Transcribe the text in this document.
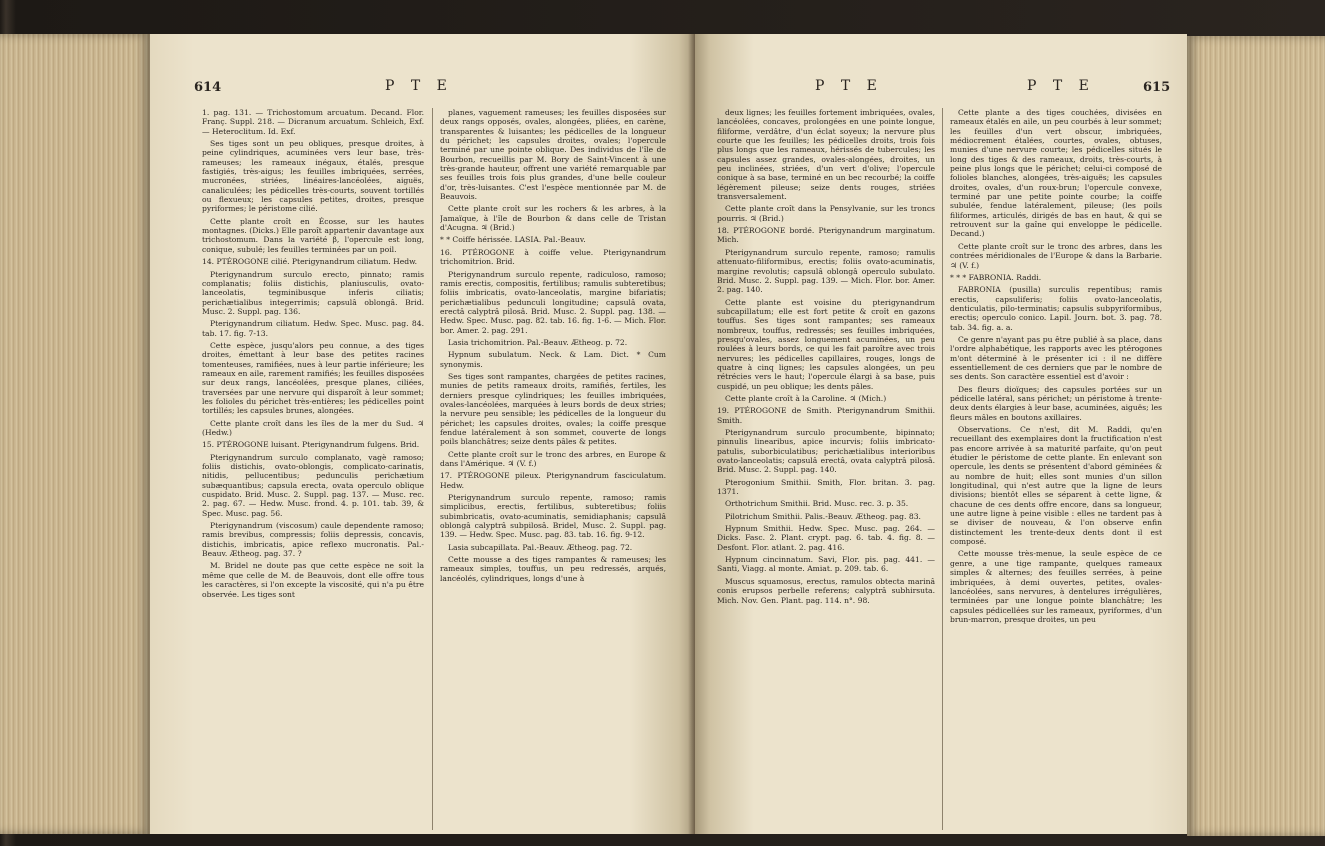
614	P T E

1. pag. 131. — Trichostomum arcuatum. Decand. Flor. Franç. Suppl. 218. — Dicranum arcuatum. Schleich, Exf. — Heteroclitum. Id. Exf.

Ses tiges sont un peu obliques, presque droites, à peine cylindriques, acuminées vers leur base, très-rameuses; les rameaux inégaux, étalés, presque fastigiés, très-aigus; les feuilles imbriquées, serrées, mucronées, striées, linéaires-lancéolées, aiguës, canaliculées; les pédicelles très-courts, souvent tortillés ou flexueux; les capsules petites, droites, presque pyriformes; le péristome cilié.

Cette plante croît en Écosse, sur les hautes montagnes. (Dicks.) Elle paroît appartenir davantage aux trichostomum. Dans la variété β, l'opercule est long, conique, subulé; les feuilles terminées par un poil.

14. PTÉROGONE cilié. Pterigynandrum ciliatum. Hedw.

Pterigynandrum surculo erecto, pinnato; ramis complanatis; foliis distichis, planiusculis, ovato-lanceolatis, tegminibusque inferis ciliatis; perichætialibus integerrimis; capsulâ oblongâ. Brid. Musc. 2. Suppl. pag. 136.

Pterigynandrum ciliatum. Hedw. Spec. Musc. pag. 84. tab. 17. fig. 7-13.

Cette espèce, jusqu'alors peu connue, a des tiges droites, émettant à leur base des petites racines tomenteuses, ramifiées, nues à leur partie inférieure; les rameaux en aile, rarement ramifiés; les feuilles disposées sur deux rangs, lancéolées, presque planes, ciliées, traversées par une nervure qui disparoît à leur sommet; les folioles du périchet très-entières; les pédicelles point tortillés; les capsules brunes, alongées.

Cette plante croît dans les îles de la mer du Sud. ♃ (Hedw.)

15. PTÉROGONE luisant. Pterigynandrum fulgens. Brid.

Pterigynandrum surculo complanato, vagè ramoso; foliis distichis, ovato-oblongis, complicato-carinatis, nitidis, pellucentibus; pedunculis perichætium subæquantibus; capsula erecta, ovata operculo oblique cuspidato. Brid. Musc. 2. Suppl. pag. 137. — Musc. rec. 2. pag. 67. — Hedw. Musc. frond. 4. p. 101. tab. 39, & Spec. Musc. pag. 56.

Pterigynandrum (viscosum) caule dependente ramoso; ramis brevibus, compressis; foliis depressis, concavis, distichis, imbricatis, apice reflexo mucronatis. Pal.-Beauv. Ætheog. pag. 37. ?

M. Bridel ne doute pas que cette espèce ne soit la même que celle de M. de Beauvois, dont elle offre tous les caractères, si l'on excepte la viscosité, qui n'a pu être observée. Les tiges sont

planes, vaguement rameuses; les feuilles disposées sur deux rangs opposés, ovales, alongées, pliées, en carène, transparentes & luisantes; les pédicelles de la longueur du périchet; les capsules droites, ovales; l'opercule terminé par une pointe oblique. Des individus de l'île de Bourbon, recueillis par M. Bory de Saint-Vincent à une très-grande hauteur, offrent une variété remarquable par ses feuilles trois fois plus grandes, d'une belle couleur d'or, très-luisantes. C'est l'espèce mentionnée par M. de Beauvois.

Cette plante croît sur les rochers & les arbres, à la Jamaïque, à l'île de Bourbon & dans celle de Tristan d'Acugna. ♃ (Brid.)

* * Coiffe hérissée. LASIA. Pal.-Beauv.

16. PTÉROGONE à coiffe velue. Pterigynandrum trichomitrion. Brid.

Pterigynandrum surculo repente, radiculoso, ramoso; ramis erectis, compositis, fertilibus; ramulis subteretibus; foliis imbricatis, ovato-lanceolatis, margine bifariatis; perichætialibus pedunculi longitudine; capsulâ ovata, erectâ calyptrâ pilosâ. Brid. Musc. 2. Suppl. pag. 138. — Hedw. Spec. Musc. pag. 82. tab. 16. fig. 1-6. — Mich. Flor. bor. Amer. 2. pag. 291.

Lasia trichomitrion. Pal.-Beauv. Ætheog. p. 72.

Hypnum subulatum. Neck. & Lam. Dict. * Cum synonymis.

Ses tiges sont rampantes, chargées de petites racines, munies de petits rameaux droits, ramifiés, fertiles, les derniers presque cylindriques; les feuilles imbriquées, ovales-lancéolées, marquées à leurs bords de deux stries; la nervure peu sensible; les pédicelles de la longueur du périchet; les capsules droites, ovales; la coiffe presque fendue latéralement à son sommet, couverte de longs poils blanchâtres; seize dents pâles & petites.

Cette plante croît sur le tronc des arbres, en Europe & dans l'Amérique. ♃ (V. f.)

17. PTÉROGONE pileux. Pterigynandrum fasciculatum. Hedw.

Pterigynandrum surculo repente, ramoso; ramis simplicibus, erectis, fertilibus, subteretibus; foliis subimbricatis, ovato-acuminatis, semidiaphanis; capsulâ oblongâ calyptrâ subpilosâ. Bridel, Musc. 2. Suppl. pag. 139. — Hedw. Spec. Musc. pag. 83. tab. 16. fig. 9-12.

Lasia subcapillata. Pal.-Beauv. Ætheog. pag. 72.

Cette mousse a des tiges rampantes & rameuses; les rameaux simples, touffus, un peu redressés, arqués, lancéolés, cylindriques, longs d'une à

P T E	P T E	615

deux lignes; les feuilles fortement imbriquées, ovales, lancéolées, concaves, prolongées en une pointe longue, filiforme, verdâtre, d'un éclat soyeux; la nervure plus courte que les feuilles; les pédicelles droits, trois fois plus longs que les rameaux, hérissés de tubercules; les capsules assez grandes, ovales-alongées, droites, un peu inclinées, striées, d'un vert d'olive; l'opercule conique à sa base, terminé en un bec recourbé; la coiffe légèrement pileuse; seize dents rouges, striées transversalement.

Cette plante croît dans la Pensylvanie, sur les troncs pourris. ♃ (Brid.)

18. PTÉROGONE bordé. Pterigynandrum marginatum. Mich.

Pterigynandrum surculo repente, ramoso; ramulis attenuato-filiformibus, erectis; foliis ovato-acuminatis, margine revolutis; capsulâ oblongâ operculo subulato. Brid. Musc. 2. Suppl. pag. 139. — Mich. Flor. bor. Amer. 2. pag. 140.

Cette plante est voisine du pterigynandrum subcapillatum; elle est fort petite & croît en gazons touffus. Ses tiges sont rampantes; ses rameaux nombreux, touffus, redressés; ses feuilles imbriquées, presqu'ovales, assez longuement acuminées, un peu roulées à leurs bords, ce qui les fait paroître avec trois nervures; les pédicelles capillaires, rouges, longs de quatre à cinq lignes; les capsules alongées, un peu rétrécies vers le haut; l'opercule élargi à sa base, puis cuspidé, un peu oblique; les dents pâles.

Cette plante croît à la Caroline. ♃ (Mich.)

19. PTÉROGONE de Smith. Pterigynandrum Smithii. Smith.

Pterigynandrum surculo procumbente, bipinnato; pinnulis linearibus, apice incurvis; foliis imbricato-patulis, suborbiculatibus; perichætialibus interioribus ovato-lanceolatis; capsulâ erectâ, ovata calyptrâ pilosâ. Brid. Musc. 2. Suppl. pag. 140.

Pterogonium Smithii. Smith, Flor. britan. 3. pag. 1371.

Orthotrichum Smithii. Brid. Musc. rec. 3. p. 35.

Pilotrichum Smithii. Palis.-Beauv. Ætheog. pag. 83.

Hypnum Smithii. Hedw. Spec. Musc. pag. 264. — Dicks. Fasc. 2. Plant. crypt. pag. 6. tab. 4. fig. 8. — Desfont. Flor. atlant. 2. pag. 416.

Hypnum cincinnatum. Savi, Flor. pis. pag. 441. — Santi, Viagg. al monte. Amiat. p. 209. tab. 6.

Muscus squamosus, erectus, ramulos obtecta marinâ conis erupsos perbelle referens; calyptrâ subhirsuta. Mich. Nov. Gen. Plant. pag. 114. n°. 98.

Cette plante a des tiges couchées, divisées en rameaux étalés en aile, un peu courbés à leur sommet; les feuilles d'un vert obscur, imbriquées, médiocrement étalées, courtes, ovales, obtuses, munies d'une nervure courte; les pédicelles situés le long des tiges & des rameaux, droits, très-courts, à peine plus longs que le périchet; celui-ci composé de folioles blanches, alongées, très-aiguës; les capsules droites, ovales, d'un roux-brun; l'opercule convexe, terminé par une petite pointe courbe; la coiffe subulée, fendue latéralement, pileuse; (les poils filiformes, articulés, dirigés de bas en haut, & qui se retrouvent sur la gaîne qui enveloppe le pédicelle. Decand.)

Cette plante croît sur le tronc des arbres, dans les contrées méridionales de l'Europe & dans la Barbarie. ♃ (V. f.)

* * * FABRONIA. Raddi.

FABRONIA (pusilla) surculis repentibus; ramis erectis, capsuliferis; foliis ovato-lanceolatis, denticulatis, pilo-terminatis; capsulis subpyriformibus, erectis; operculo conico. Lapil. Journ. bot. 3. pag. 78. tab. 34. fig. a. a.

Ce genre n'ayant pas pu être publié à sa place, dans l'ordre alphabétique, les rapports avec les ptérogones m'ont déterminé à le présenter ici : il ne diffère essentiellement de ces derniers que par le nombre de ses dents. Son caractère essentiel est d'avoir :

Des fleurs dioïques; des capsules portées sur un pédicelle latéral, sans périchet; un péristome à trente-deux dents élargies à leur base, acuminées, aiguës; les fleurs mâles en boutons axillaires.

Observations. Ce n'est, dit M. Raddi, qu'en recueillant des exemplaires dont la fructification n'est pas encore arrivée à sa maturité parfaite, qu'on peut étudier le péristome de cette plante. En enlevant son opercule, les dents se présentent d'abord géminées & au nombre de huit; elles sont munies d'un sillon longitudinal, qui n'est autre que la ligne de leurs divisions; bientôt elles se séparent à cette ligne, & chacune de ces dents offre encore, dans sa longueur, une autre ligne à peine visible : elles ne tardent pas à se diviser de nouveau, & l'on observe enfin distinctement les trente-deux dents dont il est composé.

Cette mousse très-menue, la seule espèce de ce genre, a une tige rampante, quelques rameaux simples & alternes; des feuilles serrées, à peine imbriquées, à demi ouvertes, petites, ovales-lancéolées, sans nervures, à dentelures irrégulières, terminées par une longue pointe blanchâtre; les capsules pédicellées sur les rameaux, pyriformes, d'un brun-marron, presque droites, un peu
